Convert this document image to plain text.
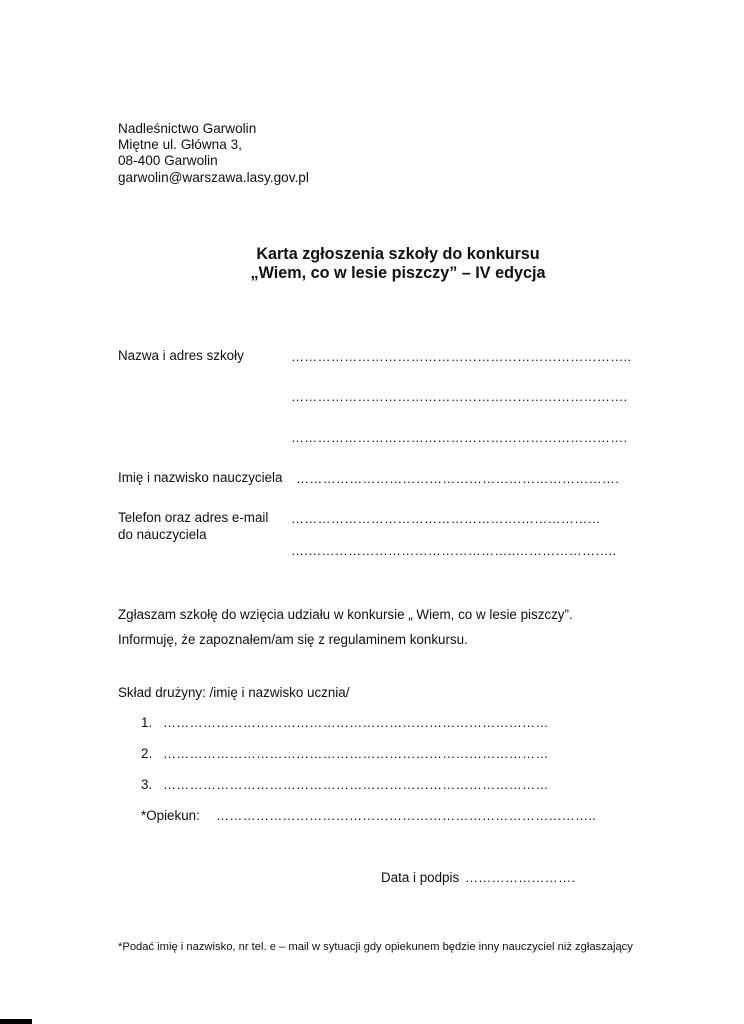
Nadleśnictwo Garwolin
Miętne ul. Główna 3,
08-400 Garwolin
garwolin@warszawa.lasy.gov.pl
Karta zgłoszenia szkoły do konkursu
„Wiem, co w lesie piszczy” – IV edycja
Nazwa i adres szkoły	…………………………………………………………………..
………………………………………………………………….
………………………………………………………………….
Imię i nazwisko nauczyciela ……………………………………………………………….
Telefon oraz adres e-mail
do nauczyciela
…………………………………………….………………
….………………………………………..…………………..
Zgłaszam szkołę do wzięcia udziału w konkursie „ Wiem, co w lesie piszczy”.
Informuję, że zapoznałem/am się z regulaminem konkursu.
Skład drużyny: /imię i nazwisko ucznia/
1. ……………………………………………………………………………
2. ……………………………………………………………………………
3. ……………………………………………………………………………
*Opiekun: …………………………………………………………………………..
Data i podpis …………………….
*Podać imię i nazwisko, nr tel. e – mail w sytuacji gdy opiekunem będzie inny nauczyciel niż zgłaszający
